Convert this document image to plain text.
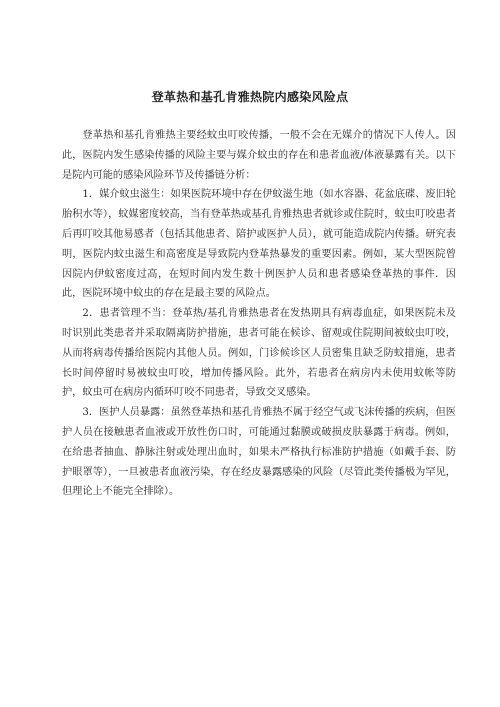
登革热和基孔肯雅热院内感染风险点

登革热和基孔肯雅热主要经蚊虫叮咬传播，一般不会在无媒介的情况下人传人。因此，医院内发生感染传播的风险主要与媒介蚊虫的存在和患者血液/体液暴露有关。以下是院内可能的感染风险环节及传播链分析：

1．媒介蚊虫滋生：如果医院环境中存在伊蚊滋生地（如水容器、花盆底碟、废旧轮胎积水等），蚊媒密度较高，当有登革热或基孔肯雅热患者就诊或住院时，蚊虫叮咬患者后再叮咬其他易感者（包括其他患者、陪护或医护人员），就可能造成院内传播。研究表明，医院内蚊虫滋生和高密度是导致院内登革热暴发的重要因素。例如，某大型医院曾因院内伊蚊密度过高，在短时间内发生数十例医护人员和患者感染登革热的事件．因此，医院环境中蚊虫的存在是最主要的风险点。

2．患者管理不当：登革热/基孔肯雅热患者在发热期具有病毒血症，如果医院未及时识别此类患者并采取隔离防护措施，患者可能在候诊、留观或住院期间被蚊虫叮咬，从而将病毒传播给医院内其他人员。例如，门诊候诊区人员密集且缺乏防蚊措施，患者长时间停留时易被蚊虫叮咬，增加传播风险。此外，若患者在病房内未使用蚊帐等防护，蚊虫可在病房内循环叮咬不同患者，导致交叉感染。

3．医护人员暴露：虽然登革热和基孔肯雅热不属于经空气或飞沫传播的疾病，但医护人员在接触患者血液或开放性伤口时，可能通过黏膜或破损皮肤暴露于病毒。例如，在给患者抽血、静脉注射或处理出血时，如果未严格执行标准防护措施（如戴手套、防护眼罩等），一旦被患者血液污染，存在经皮暴露感染的风险（尽管此类传播极为罕见，但理论上不能完全排除）。
